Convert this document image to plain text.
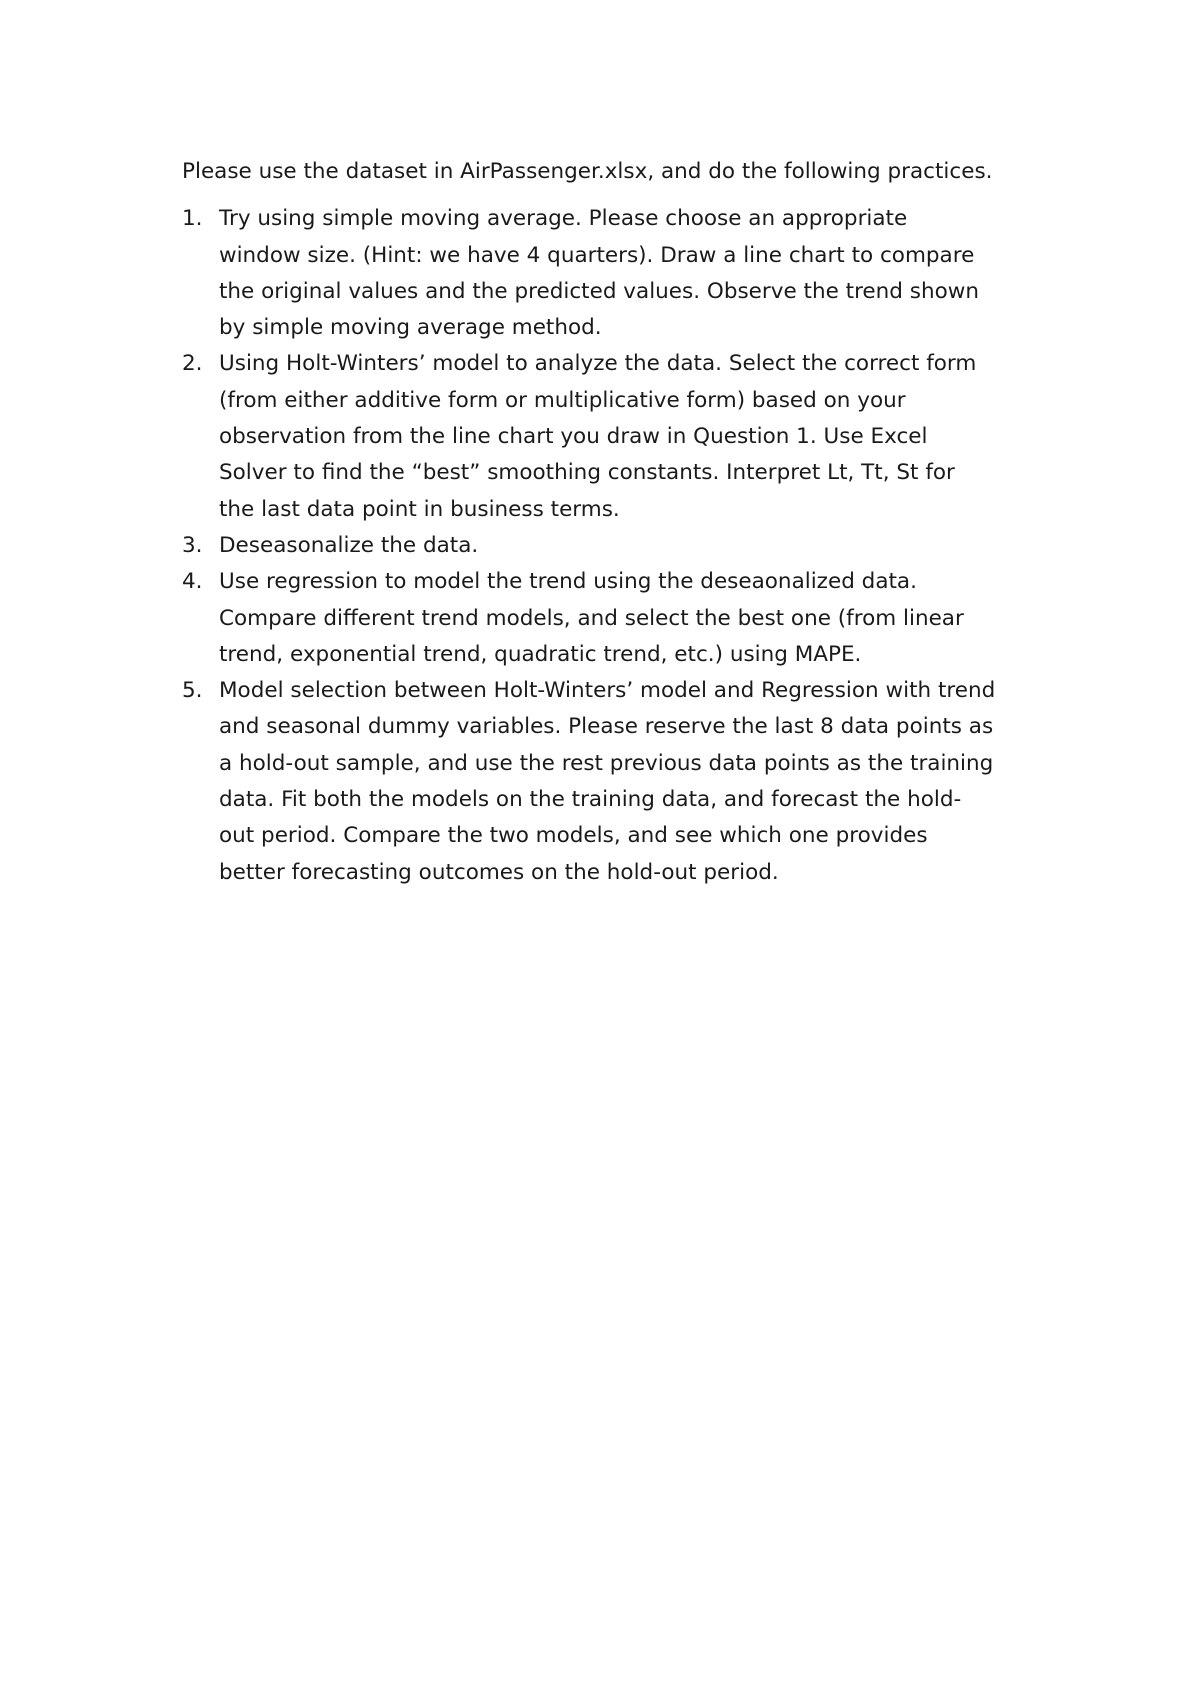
Please use the dataset in AirPassenger.xlsx, and do the following practices.

1. Try using simple moving average. Please choose an appropriate
window size. (Hint: we have 4 quarters). Draw a line chart to compare
the original values and the predicted values. Observe the trend shown
by simple moving average method.
2. Using Holt-Winters’ model to analyze the data. Select the correct form
(from either additive form or multiplicative form) based on your
observation from the line chart you draw in Question 1. Use Excel
Solver to find the “best” smoothing constants. Interpret Lt, Tt, St for
the last data point in business terms.
3. Deseasonalize the data.
4. Use regression to model the trend using the deseaonalized data.
Compare different trend models, and select the best one (from linear
trend, exponential trend, quadratic trend, etc.) using MAPE.
5. Model selection between Holt-Winters’ model and Regression with trend
and seasonal dummy variables. Please reserve the last 8 data points as
a hold-out sample, and use the rest previous data points as the training
data. Fit both the models on the training data, and forecast the hold-
out period. Compare the two models, and see which one provides
better forecasting outcomes on the hold-out period.
